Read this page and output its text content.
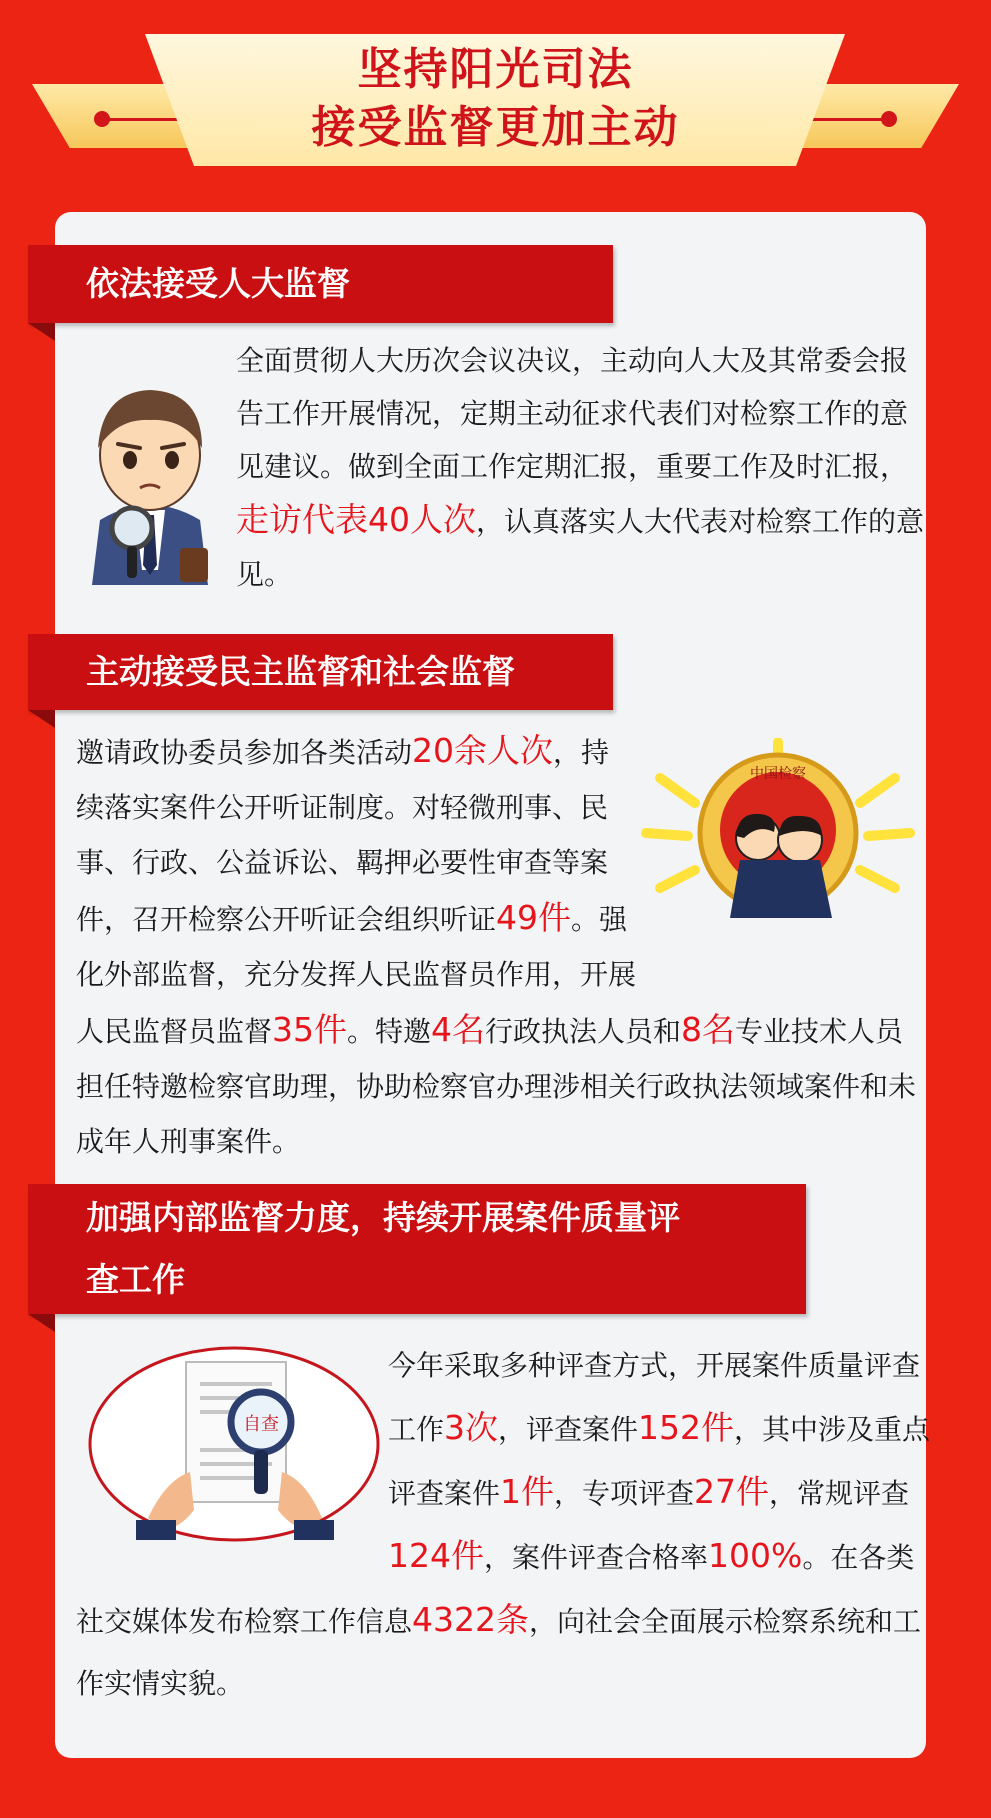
坚持阳光司法
接受监督更加主动
依法接受人大监督
全面贯彻人大历次会议决议，主动向人大及其常委会报告工作开展情况，定期主动征求代表们对检察工作的意见建议。做到全面工作定期汇报，重要工作及时汇报，走访代表40人次，认真落实人大代表对检察工作的意见。
主动接受民主监督和社会监督
中国检察
邀请政协委员参加各类活动20余人次，持续落实案件公开听证制度。对轻微刑事、民事、行政、公益诉讼、羁押必要性审查等案件，召开检察公开听证会组织听证49件。强化外部监督，充分发挥人民监督员作用，开展人民监督员监督35件。特邀4名行政执法人员和8名专业技术人员担任特邀检察官助理，协助检察官办理涉相关行政执法领域案件和未成年人刑事案件。
加强内部监督力度，持续开展案件质量评
查工作
自查
今年采取多种评查方式，开展案件质量评查工作3次，评查案件152件，其中涉及重点评查案件1件，专项评查27件，常规评查124件，案件评查合格率100%。在各类社交媒体发布检察工作信息4322条，向社会全面展示检察系统和工作实情实貌。
